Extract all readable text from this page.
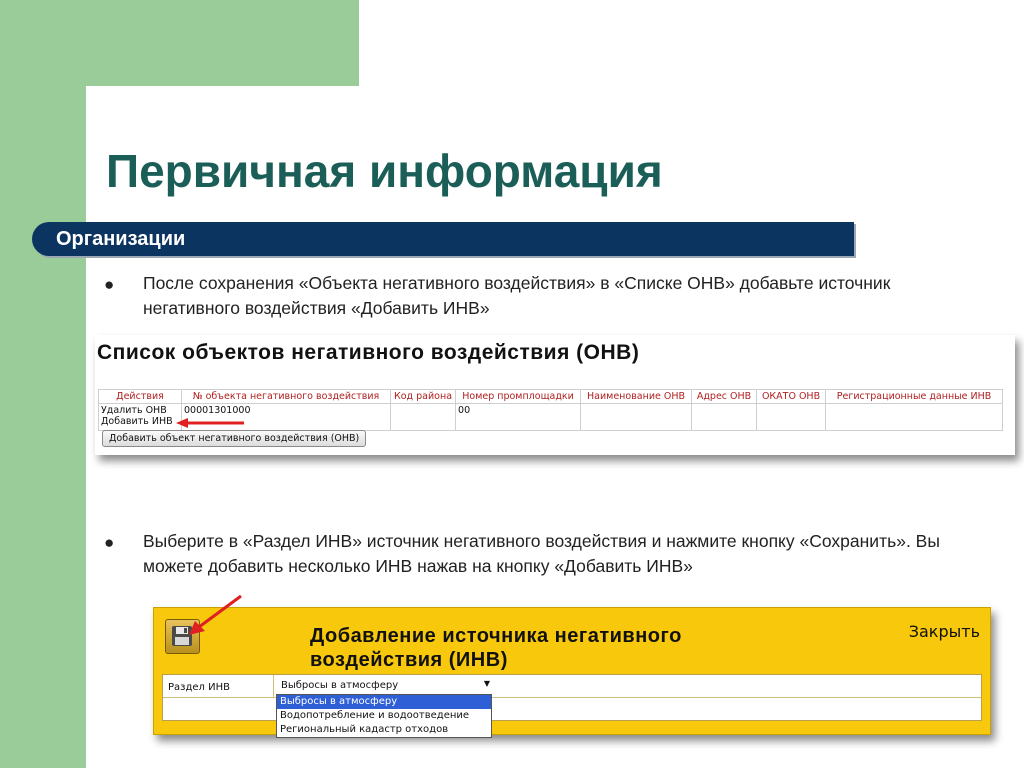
Первичная информация
Организации
● После сохранения «Объекта негативного воздействия» в «Списке ОНВ» добавьте источник негативного воздействия «Добавить ИНВ»
Список объектов негативного воздействия (ОНВ)
Действия	№ объекта негативного воздействия	Код района	Номер промплощадки	Наименование ОНВ	Адрес ОНВ	ОКАТО ОНВ	Регистрационные данные ИНВ

Удалить ОНВ
Добавить ИНВ	00001301000		00				
Добавить объект негативного воздействия (ОНВ)
● Выберите в «Раздел ИНВ» источник негативного воздействия и нажмите кнопку «Сохранить». Вы можете добавить несколько ИНВ нажав на кнопку «Добавить ИНВ»
Добавление источника негативного
воздействия (ИНВ)
Закрыть
Раздел ИНВ	Выбросы в атмосферу	▼
Выбросы в атмосферу
Водопотребление и водоотведение
Региональный кадастр отходов
